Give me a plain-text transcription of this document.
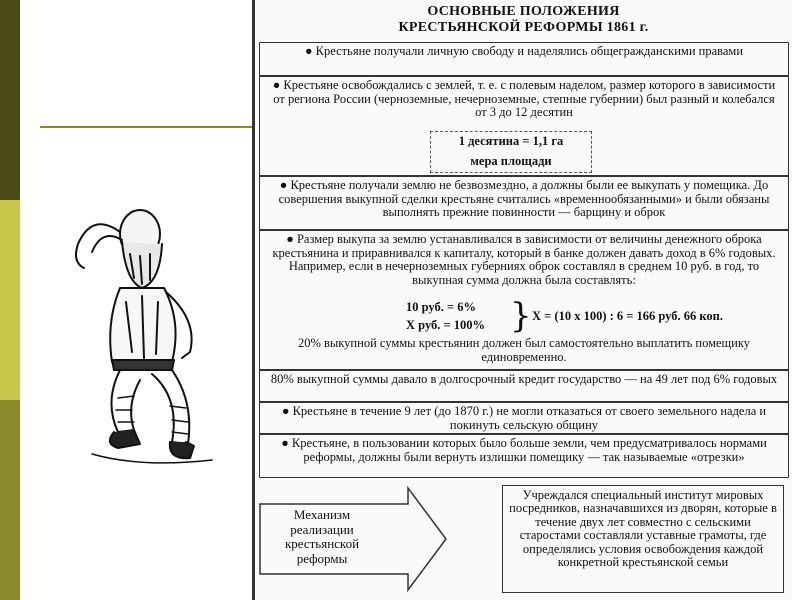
ОСНОВНЫЕ ПОЛОЖЕНИЯ
КРЕСТЬЯНСКОЙ РЕФОРМЫ 1861 г.
● Крестьяне получали личную свободу и наделялись общегражданскими правами
● Крестьяне освобождались с землей, т. е. с полевым наделом, размер которого в зависимости от региона России (черноземные, нечерноземные, степные губернии) был разный и колебался от 3 до 12 десятин
1 десятина = 1,1 га
мера площади
● Крестьяне получали землю не безвозмездно, а должны были ее выкупать у помещика. До совершения выкупной сделки крестьяне считались «временнообязанными» и были обязаны выполнять прежние повинности — барщину и оброк
● Размер выкупа за землю устанавливался в зависимости от величины денежного оброка крестьянина и приравнивался к капиталу, который в банке должен давать доход в 6% годовых.
Например, если в нечерноземных губерниях оброк составлял в среднем 10 руб. в год, то выкупная сумма должна была составлять:
10 руб. = 6%
X руб. = 100% } X = (10 x 100) : 6 = 166 руб. 66 коп.
20% выкупной суммы крестьянин должен был самостоятельно выплатить помещику единовременно.
80% выкупной суммы давало в долгосрочный кредит государство — на 49 лет под 6% годовых
● Крестьяне в течение 9 лет (до 1870 г.) не могли отказаться от своего земельного надела и покинуть сельскую общину
● Крестьяне, в пользовании которых было больше земли, чем предусматривалось нормами реформы, должны были вернуть излишки помещику — так называемые «отрезки»
Механизм реализации крестьянской реформы
Учреждался специальный институт мировых посредников, назначавшихся из дворян, которые в течение двух лет совместно с сельскими старостами составляли уставные грамоты, где определялись условия освобождения каждой конкретной крестьянской семьи
